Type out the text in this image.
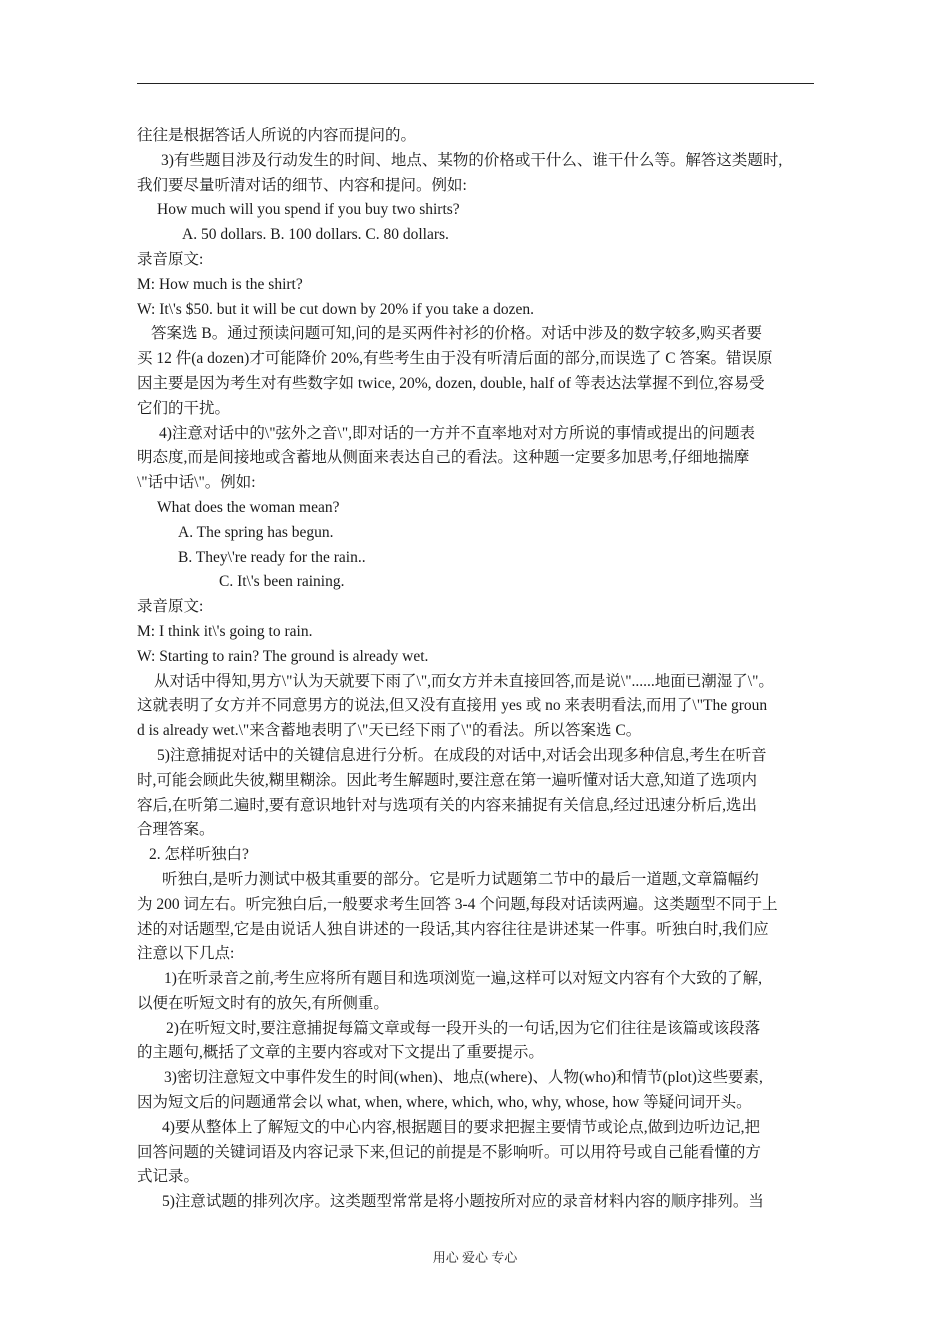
往往是根据答话人所说的内容而提问的。
3)有些题目涉及行动发生的时间、地点、某物的价格或干什么、谁干什么等。解答这类题时,
我们要尽量听清对话的细节、内容和提问。例如:
How much will you spend if you buy two shirts?
A. 50 dollars. B. 100 dollars. C. 80 dollars.
录音原文:
M: How much is the shirt?
W: It\'s $50. but it will be cut down by 20% if you take a dozen.
答案选 B。通过预读问题可知,问的是买两件衬衫的价格。对话中涉及的数字较多,购买者要
买 12 件(a dozen)才可能降价 20%,有些考生由于没有听清后面的部分,而误选了 C 答案。错误原
因主要是因为考生对有些数字如 twice, 20%, dozen, double, half of 等表达法掌握不到位,容易受
它们的干扰。
4)注意对话中的\"弦外之音\",即对话的一方并不直率地对对方所说的事情或提出的问题表
明态度,而是间接地或含蓄地从侧面来表达自己的看法。这种题一定要多加思考,仔细地揣摩
\"话中话\"。例如:
What does the woman mean?
A. The spring has begun.
B. They\'re ready for the rain..
C. It\'s been raining.
录音原文:
M: I think it\'s going to rain.
W: Starting to rain? The ground is already wet.
从对话中得知,男方\"认为天就要下雨了\",而女方并未直接回答,而是说\"......地面已潮湿了\"。
这就表明了女方并不同意男方的说法,但又没有直接用 yes 或 no 来表明看法,而用了\"The groun
d is already wet.\"来含蓄地表明了\"天已经下雨了\"的看法。所以答案选 C。
5)注意捕捉对话中的关键信息进行分析。在成段的对话中,对话会出现多种信息,考生在听音
时,可能会顾此失彼,糊里糊涂。因此考生解题时,要注意在第一遍听懂对话大意,知道了选项内
容后,在听第二遍时,要有意识地针对与选项有关的内容来捕捉有关信息,经过迅速分析后,选出
合理答案。
2. 怎样听独白?
听独白,是听力测试中极其重要的部分。它是听力试题第二节中的最后一道题,文章篇幅约
为 200 词左右。听完独白后,一般要求考生回答 3-4 个问题,每段对话读两遍。这类题型不同于上
述的对话题型,它是由说话人独自讲述的一段话,其内容往往是讲述某一件事。听独白时,我们应
注意以下几点:
1)在听录音之前,考生应将所有题目和选项浏览一遍,这样可以对短文内容有个大致的了解,
以便在听短文时有的放矢,有所侧重。
2)在听短文时,要注意捕捉每篇文章或每一段开头的一句话,因为它们往往是该篇或该段落
的主题句,概括了文章的主要内容或对下文提出了重要提示。
3)密切注意短文中事件发生的时间(when)、地点(where)、人物(who)和情节(plot)这些要素,
因为短文后的问题通常会以 what, when, where, which, who, why, whose, how 等疑问词开头。
4)要从整体上了解短文的中心内容,根据题目的要求把握主要情节或论点,做到边听边记,把
回答问题的关键词语及内容记录下来,但记的前提是不影响听。可以用符号或自己能看懂的方
式记录。
5)注意试题的排列次序。这类题型常常是将小题按所对应的录音材料内容的顺序排列。当
用心 爱心 专心
